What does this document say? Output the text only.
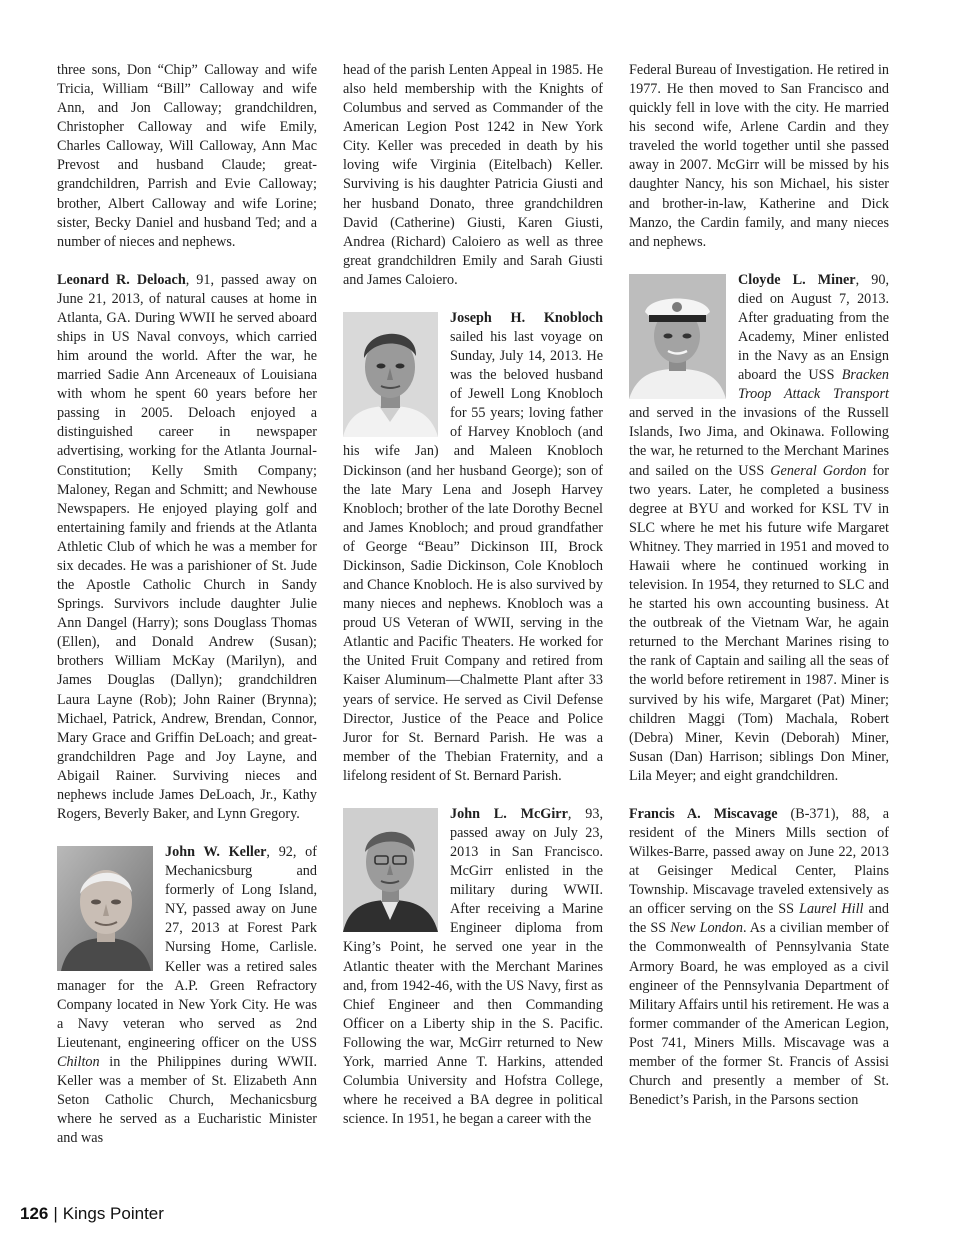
three sons, Don “Chip” Calloway and wife Tricia, William “Bill” Calloway and wife Ann, and Jon Calloway; grandchildren, Christopher Calloway and wife Emily, Charles Calloway, Will Calloway, Ann Mac Prevost and husband Claude; great-grandchildren, Parrish and Evie Calloway; brother, Albert Calloway and wife Lorine; sister, Becky Daniel and husband Ted; and a number of nieces and nephews.

Leonard R. Deloach, 91, passed away on June 21, 2013, of natural causes at home in Atlanta, GA. During WWII he served aboard ships in US Naval convoys, which carried him around the world. After the war, he married Sadie Ann Arceneaux of Louisiana with whom he spent 60 years before her passing in 2005. Deloach enjoyed a distinguished career in newspaper advertising, working for the Atlanta Journal-Constitution; Kelly Smith Company; Maloney, Regan and Schmitt; and Newhouse Newspapers. He enjoyed playing golf and entertaining family and friends at the Atlanta Athletic Club of which he was a member for six decades. He was a parishioner of St. Jude the Apostle Catholic Church in Sandy Springs. Survivors include daughter Julie Ann Dangel (Harry); sons Douglass Thomas (Ellen), and Donald Andrew (Susan); brothers William McKay (Marilyn), and James Douglas (Dallyn); grandchildren Laura Layne (Rob); John Rainer (Brynna); Michael, Patrick, Andrew, Brendan, Connor, Mary Grace and Griffin DeLoach; and great-grandchildren Page and Joy Layne, and Abigail Rainer. Surviving nieces and nephews include James DeLoach, Jr., Kathy Rogers, Beverly Baker, and Lynn Gregory.

John W. Keller, 92, of Mechanicsburg and formerly of Long Island, NY, passed away on June 27, 2013 at Forest Park Nursing Home, Carlisle. Keller was a retired sales manager for the A.P. Green Refractory Company located in New York City. He was a Navy veteran who served as 2nd Lieutenant, engineering officer on the USS Chilton in the Philippines during WWII. Keller was a member of St. Elizabeth Ann Seton Catholic Church, Mechanicsburg where he served as a Eucharistic Minister and was

head of the parish Lenten Appeal in 1985. He also held membership with the Knights of Columbus and served as Commander of the American Legion Post 1242 in New York City. Keller was preceded in death by his loving wife Virginia (Eitelbach) Keller. Surviving is his daughter Patricia Giusti and her husband Donato, three grandchildren David (Catherine) Giusti, Karen Giusti, Andrea (Richard) Caloiero as well as three great grandchildren Emily and Sarah Giusti and James Caloiero.

Joseph H. Knobloch sailed his last voyage on Sunday, July 14, 2013. He was the beloved husband of Jewell Long Knobloch for 55 years; loving father of Harvey Knobloch (and his wife Jan) and Maleen Knobloch Dickinson (and her husband George); son of the late Mary Lena and Joseph Harvey Knobloch; brother of the late Dorothy Becnel and James Knobloch; and proud grandfather of George “Beau” Dickinson III, Brock Dickinson, Sadie Dickinson, Cole Knobloch and Chance Knobloch. He is also survived by many nieces and nephews. Knobloch was a proud US Veteran of WWII, serving in the Atlantic and Pacific Theaters. He worked for the United Fruit Company and retired from Kaiser Aluminum—Chalmette Plant after 33 years of service. He served as Civil Defense Director, Justice of the Peace and Police Juror for St. Bernard Parish. He was a member of the Thebian Fraternity, and a lifelong resident of St. Bernard Parish.

John L. McGirr, 93, passed away on July 23, 2013 in San Francisco. McGirr enlisted in the military during WWII. After receiving a Marine Engineer diploma from King’s Point, he served one year in the Atlantic theater with the Merchant Marines and, from 1942-46, with the US Navy, first as Chief Engineer and then Commanding Officer on a Liberty ship in the S. Pacific. Following the war, McGirr returned to New York, married Anne T. Harkins, attended Columbia University and Hofstra College, where he received a BA degree in political science. In 1951, he began a career with the

Federal Bureau of Investigation. He retired in 1977. He then moved to San Francisco and quickly fell in love with the city. He married his second wife, Arlene Cardin and they traveled the world together until she passed away in 2007. McGirr will be missed by his daughter Nancy, his son Michael, his sister and brother-in-law, Katherine and Dick Manzo, the Cardin family, and many nieces and nephews.

Cloyde L. Miner, 90, died on August 7, 2013. After graduating from the Academy, Miner enlisted in the Navy as an Ensign aboard the USS Bracken Troop Attack Transport and served in the invasions of the Russell Islands, Iwo Jima, and Okinawa. Following the war, he returned to the Merchant Marines and sailed on the USS General Gordon for two years. Later, he completed a business degree at BYU and worked for KSL TV in SLC where he met his future wife Margaret Whitney. They married in 1951 and moved to Hawaii where he continued working in television. In 1954, they returned to SLC and he started his own accounting business. At the outbreak of the Vietnam War, he again returned to the Merchant Marines rising to the rank of Captain and sailing all the seas of the world before retirement in 1987. Miner is survived by his wife, Margaret (Pat) Miner; children Maggi (Tom) Machala, Robert (Debra) Miner, Kevin (Deborah) Miner, Susan (Dan) Harrison; siblings Don Miner, Lila Meyer; and eight grandchildren.

Francis A. Miscavage (B-371), 88, a resident of the Miners Mills section of Wilkes-Barre, passed away on June 22, 2013 at Geisinger Medical Center, Plains Township. Miscavage traveled extensively as an officer serving on the SS Laurel Hill and the SS New London. As a civilian member of the Commonwealth of Pennsylvania State Armory Board, he was employed as a civil engineer of the Pennsylvania Department of Military Affairs until his retirement. He was a former commander of the American Legion, Post 741, Miners Mills. Miscavage was a member of the former St. Francis of Assisi Church and presently a member of St. Benedict’s Parish, in the Parsons section

126 | Kings Pointer
